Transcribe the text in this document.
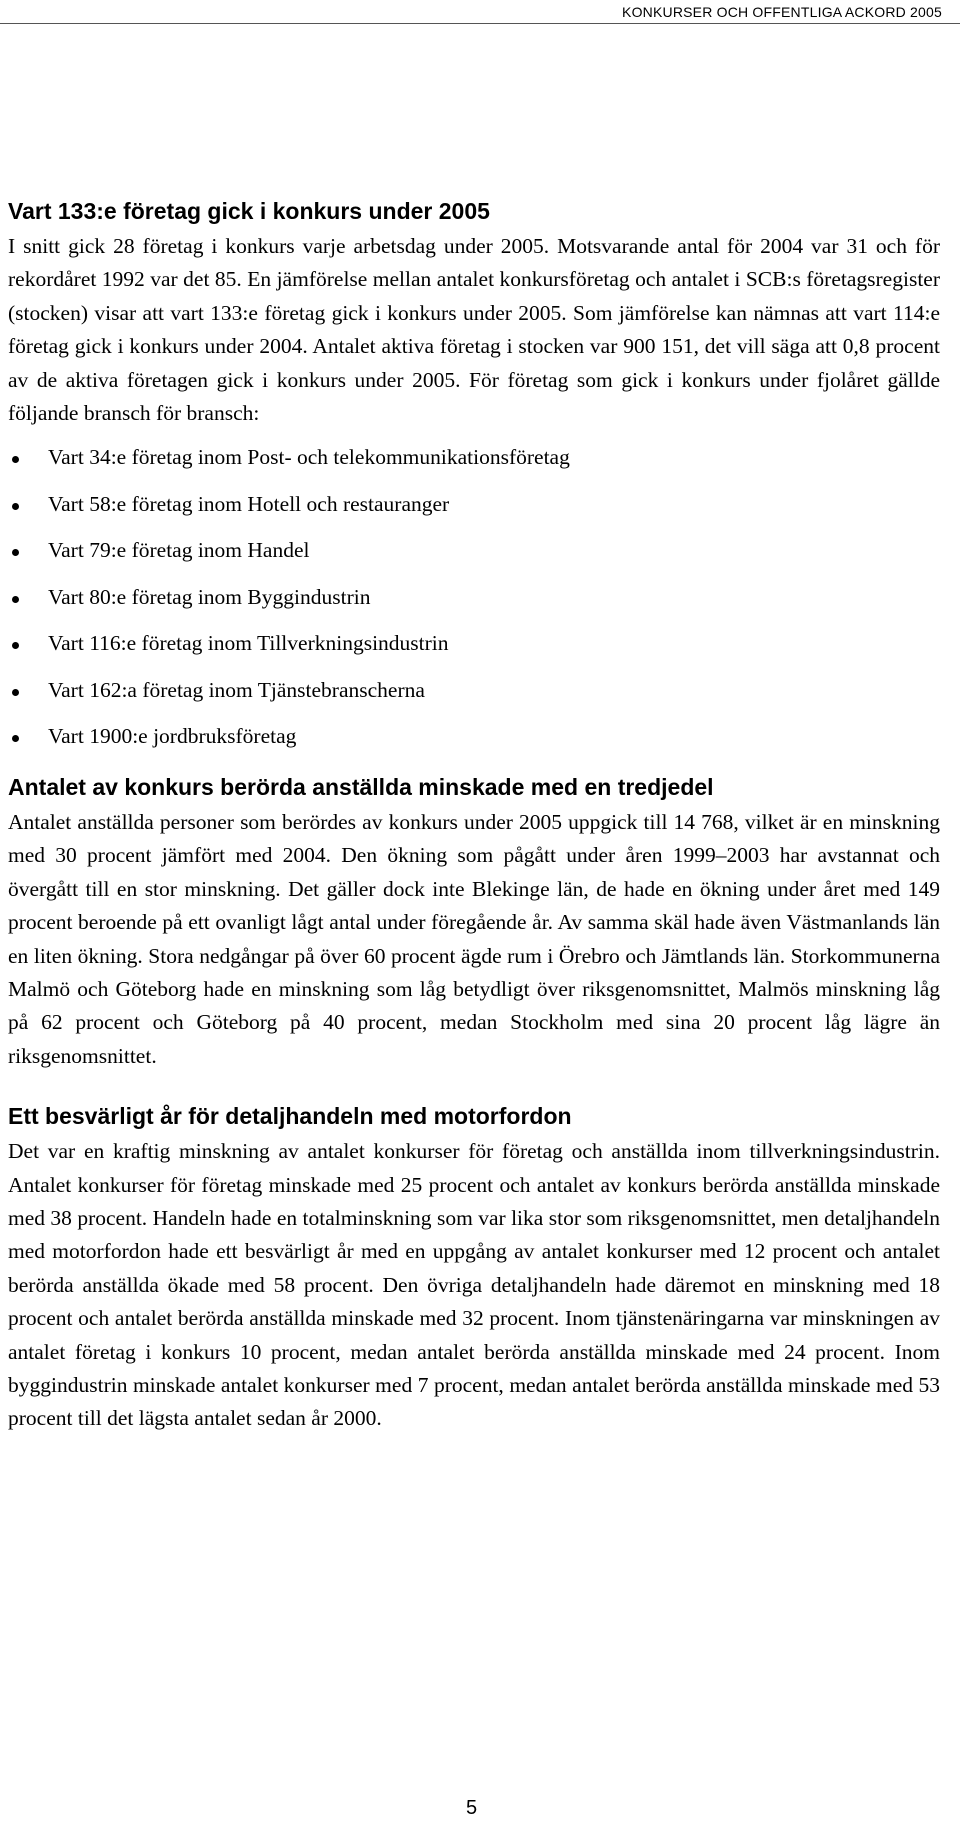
KONKURSER OCH OFFENTLIGA ACKORD 2005
Vart 133:e företag gick i konkurs under 2005

I snitt gick 28 företag i konkurs varje arbetsdag under 2005. Motsvarande antal för 2004 var 31 och för rekordåret 1992 var det 85. En jämförelse mellan antalet konkursföretag och antalet i SCB:s företagsregister (stocken) visar att vart 133:e företag gick i konkurs under 2005. Som jämförelse kan nämnas att vart 114:e företag gick i konkurs under 2004. Antalet aktiva företag i stocken var 900 151, det vill säga att 0,8 procent av de aktiva företagen gick i konkurs under 2005. För företag som gick i konkurs under fjolåret gällde följande bransch för bransch:

Vart 34:e företag inom Post- och telekommunikationsföretag
Vart 58:e företag inom Hotell och restauranger
Vart 79:e företag inom Handel
Vart 80:e företag inom Byggindustrin
Vart 116:e företag inom Tillverkningsindustrin
Vart 162:a företag inom Tjänstebranscherna
Vart 1900:e jordbruksföretag
Antalet av konkurs berörda anställda minskade med en tredjedel

Antalet anställda personer som berördes av konkurs under 2005 uppgick till 14 768, vilket är en minskning med 30 procent jämfört med 2004. Den ökning som pågått under åren 1999–2003 har avstannat och övergått till en stor minskning. Det gäller dock inte Blekinge län, de hade en ökning under året med 149 procent beroende på ett ovanligt lågt antal under föregående år. Av samma skäl hade även Västmanlands län en liten ökning. Stora nedgångar på över 60 procent ägde rum i Örebro och Jämtlands län. Storkommunerna Malmö och Göteborg hade en minskning som låg betydligt över riksgenomsnittet, Malmös minskning låg på 62 procent och Göteborg på 40 procent, medan Stockholm med sina 20 procent låg lägre än riksgenomsnittet.

Ett besvärligt år för detaljhandeln med motorfordon

Det var en kraftig minskning av antalet konkurser för företag och anställda inom tillverkningsindustrin. Antalet konkurser för företag minskade med 25 procent och antalet av konkurs berörda anställda minskade med 38 procent. Handeln hade en totalminskning som var lika stor som riksgenomsnittet, men detaljhandeln med motorfordon hade ett besvärligt år med en uppgång av antalet konkurser med 12 procent och antalet berörda anställda ökade med 58 procent. Den övriga detaljhandeln hade däremot en minskning med 18 procent och antalet berörda anställda minskade med 32 procent. Inom tjänstenäringarna var minskningen av antalet företag i konkurs 10 procent, medan antalet berörda anställda minskade med 24 procent. Inom byggindustrin minskade antalet konkurser med 7 procent, medan antalet berörda anställda minskade med 53 procent till det lägsta antalet sedan år 2000.

5
